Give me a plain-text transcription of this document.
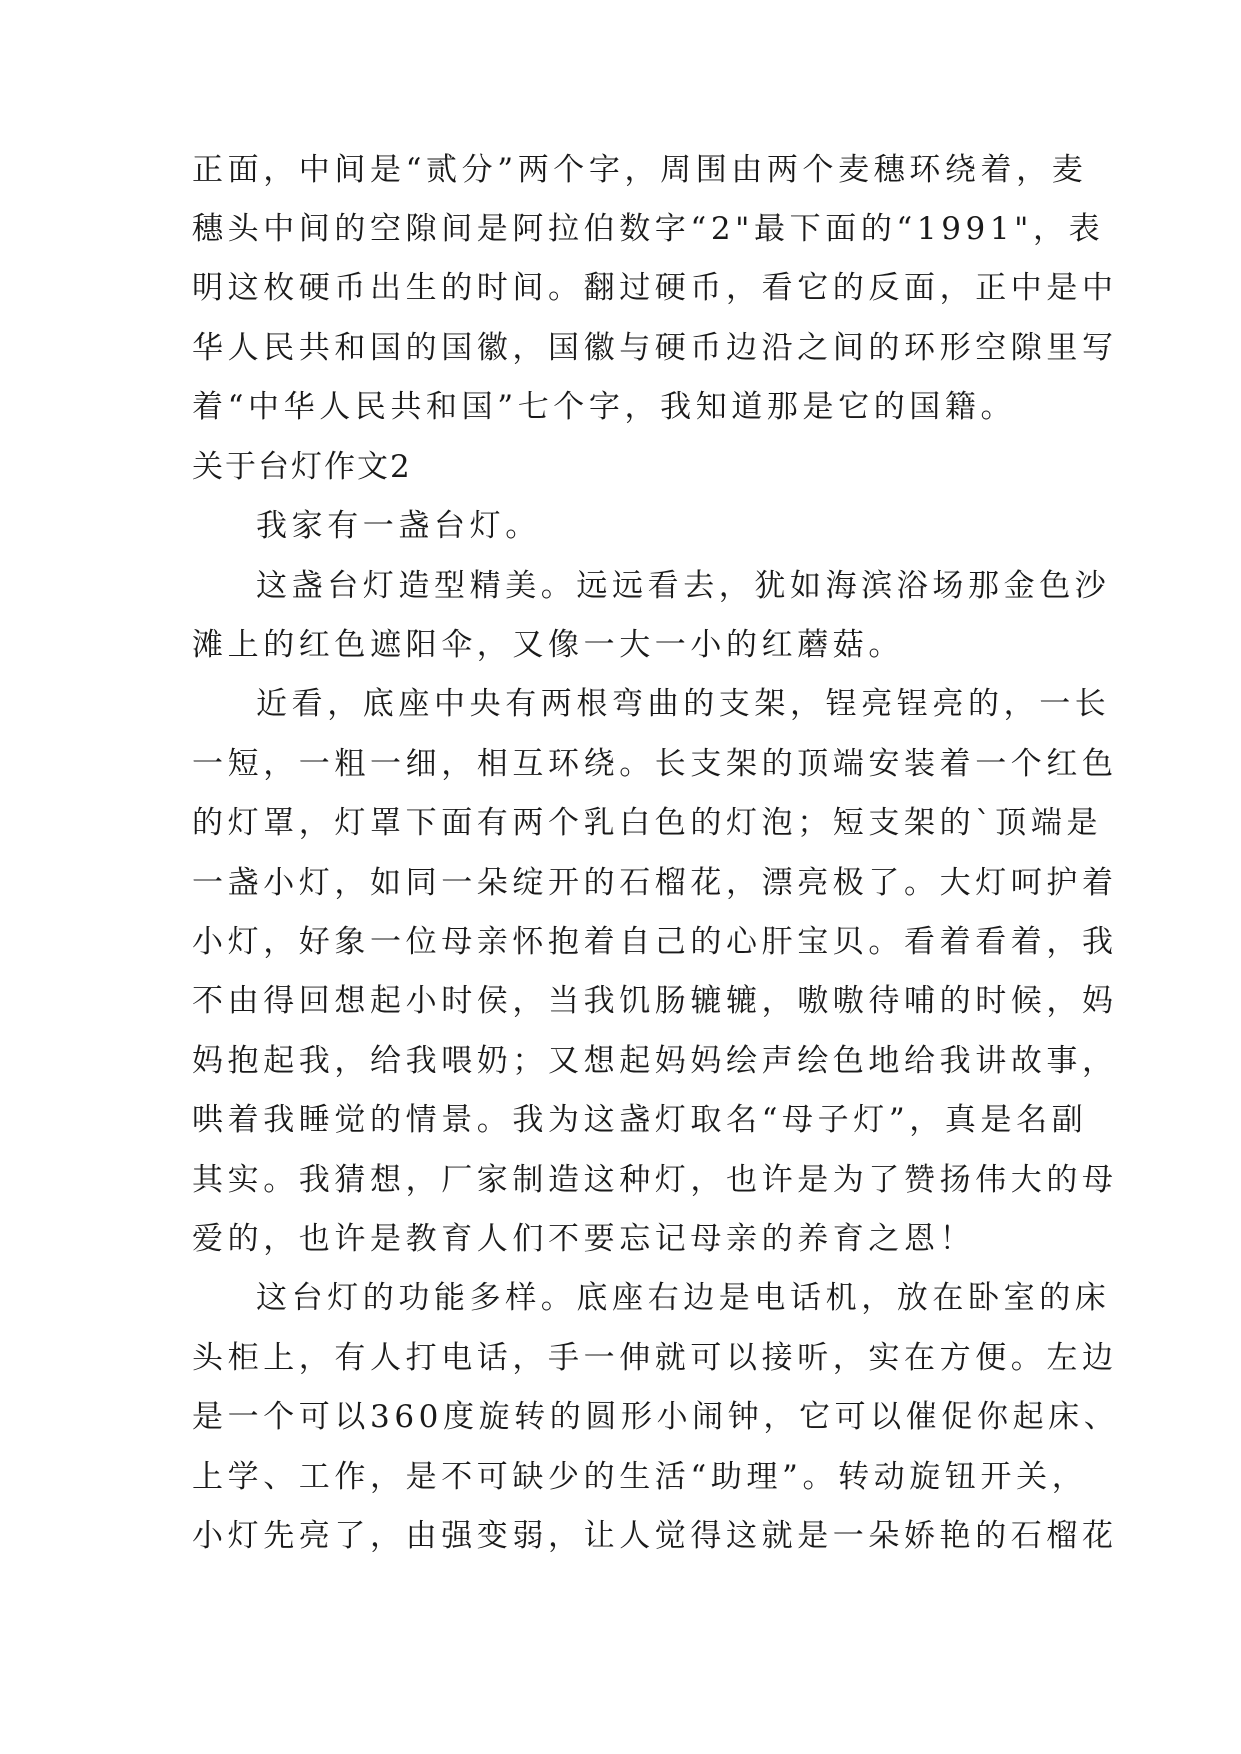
正面，中间是“贰分”两个字，周围由两个麦穗环绕着，麦
穗头中间的空隙间是阿拉伯数字“2"最下面的“1991"，表
明这枚硬币出生的时间。翻过硬币，看它的反面，正中是中
华人民共和国的国徽，国徽与硬币边沿之间的环形空隙里写
着“中华人民共和国”七个字，我知道那是它的国籍。
关于台灯作文2
我家有一盏台灯。
这盏台灯造型精美。远远看去，犹如海滨浴场那金色沙
滩上的红色遮阳伞，又像一大一小的红蘑菇。
近看，底座中央有两根弯曲的支架，锃亮锃亮的，一长
一短，一粗一细，相互环绕。长支架的顶端安装着一个红色
的灯罩，灯罩下面有两个乳白色的灯泡；短支架的`顶端是
一盏小灯，如同一朵绽开的石榴花，漂亮极了。大灯呵护着
小灯，好象一位母亲怀抱着自己的心肝宝贝。看着看着，我
不由得回想起小时侯，当我饥肠辘辘，嗷嗷待哺的时候，妈
妈抱起我，给我喂奶；又想起妈妈绘声绘色地给我讲故事，
哄着我睡觉的情景。我为这盏灯取名“母子灯”，真是名副
其实。我猜想，厂家制造这种灯，也许是为了赞扬伟大的母
爱的，也许是教育人们不要忘记母亲的养育之恩！
这台灯的功能多样。底座右边是电话机，放在卧室的床
头柜上，有人打电话，手一伸就可以接听，实在方便。左边
是一个可以360度旋转的圆形小闹钟，它可以催促你起床、
上学、工作，是不可缺少的生活“助理”。转动旋钮开关，
小灯先亮了，由强变弱，让人觉得这就是一朵娇艳的石榴花
